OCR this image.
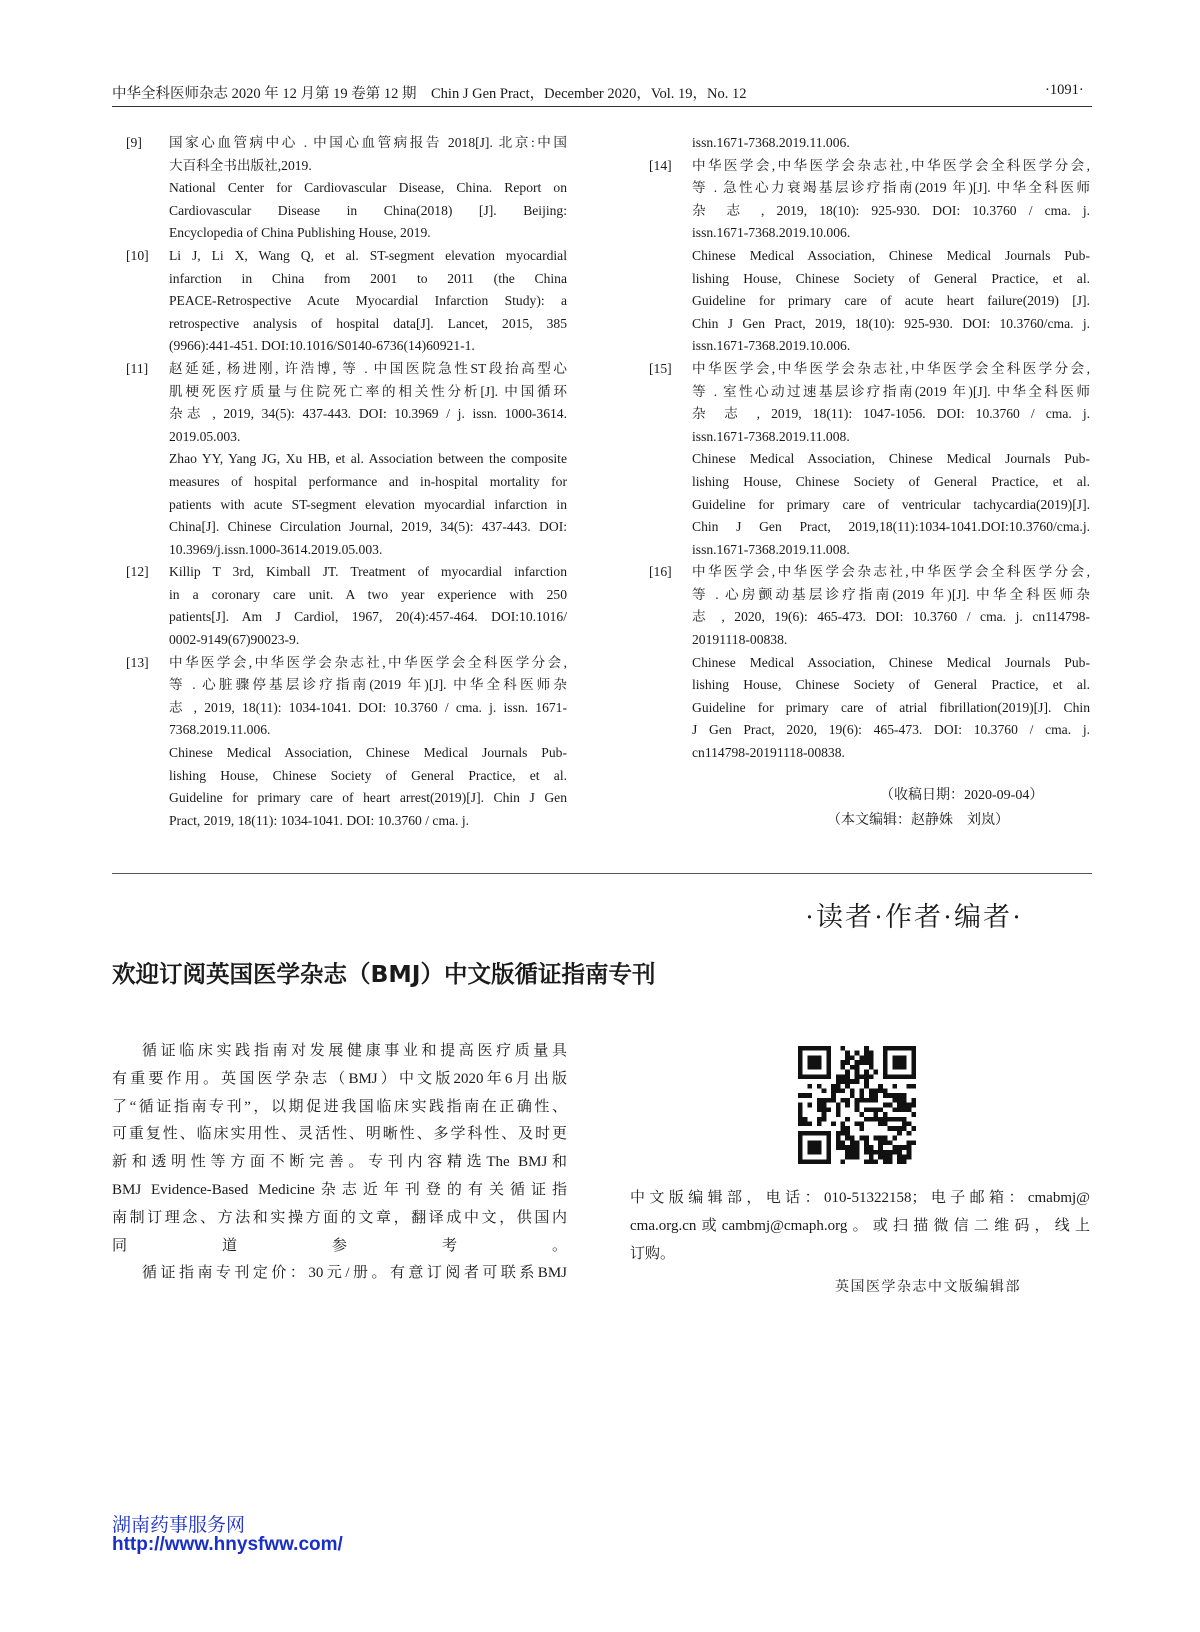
中华全科医师杂志 2020 年 12 月第 19 卷第 12 期　Chin J Gen Pract，December 2020，Vol. 19，No. 12	·1091·
[9] 国家心血管病中心 . 中国心血管病报告 2018[J]. 北京:中国
大百科全书出版社,2019.
National Center for Cardiovascular Disease, China. Report on
Cardiovascular　Disease　in　China(2018)　[J].　Beijing:
Encyclopedia of China Publishing House, 2019.
[10] Li J, Li X, Wang Q, et al. ST-segment elevation myocardial
infarction in China from 2001 to 2011 (the China
PEACE-Retrospective Acute Myocardial Infarction Study): a
retrospective analysis of hospital data[J]. Lancet, 2015, 385
(9966):441-451. DOI:10.1016/S0140-6736(14)60921-1.
[11] 赵延延, 杨进刚, 许浩博, 等 . 中国医院急性ST段抬高型心
肌梗死医疗质量与住院死亡率的相关性分析[J]. 中国循环
杂志 , 2019, 34(5): 437-443. DOI: 10.3969 / j. issn. 1000-3614.
2019.05.003.
Zhao YY, Yang JG, Xu HB, et al. Association between the composite
measures of hospital performance and in-hospital mortality for
patients with acute ST-segment elevation myocardial infarction in
China[J]. Chinese Circulation Journal, 2019, 34(5): 437-443. DOI:
10.3969/j.issn.1000-3614.2019.05.003.
[12] Killip T 3rd, Kimball JT. Treatment of myocardial infarction
in a coronary care unit. A two year experience with 250
patients[J]. Am J Cardiol, 1967, 20(4):457-464. DOI:10.1016/
0002-9149(67)90023-9.
[13] 中华医学会,中华医学会杂志社,中华医学会全科医学分会,
等 . 心脏骤停基层诊疗指南(2019 年)[J]. 中华全科医师杂
志 , 2019, 18(11): 1034-1041. DOI: 10.3760 / cma. j. issn. 1671-
7368.2019.11.006.
Chinese Medical Association, Chinese Medical Journals Pub-
lishing House, Chinese Society of General Practice, et al.
Guideline for primary care of heart arrest(2019)[J]. Chin J Gen
Pract, 2019, 18(11): 1034-1041. DOI: 10.3760 / cma. j.
issn.1671-7368.2019.11.006.
[14] 中华医学会,中华医学会杂志社,中华医学会全科医学分会,
等 . 急性心力衰竭基层诊疗指南(2019 年)[J]. 中华全科医师
杂 志 , 2019, 18(10): 925-930. DOI: 10.3760 / cma. j.
issn.1671-7368.2019.10.006.
Chinese Medical Association, Chinese Medical Journals Pub-
lishing House, Chinese Society of General Practice, et al.
Guideline for primary care of acute heart failure(2019) [J].
Chin J Gen Pract, 2019, 18(10): 925-930. DOI: 10.3760/cma. j.
issn.1671-7368.2019.10.006.
[15] 中华医学会,中华医学会杂志社,中华医学会全科医学分会,
等 . 室性心动过速基层诊疗指南(2019 年)[J]. 中华全科医师
杂 志 , 2019, 18(11): 1047-1056. DOI: 10.3760 / cma. j.
issn.1671-7368.2019.11.008.
Chinese Medical Association, Chinese Medical Journals Pub-
lishing House, Chinese Society of General Practice, et al.
Guideline for primary care of ventricular tachycardia(2019)[J].
Chin J Gen Pract, 2019,18(11):1034-1041.DOI:10.3760/cma.j.
issn.1671-7368.2019.11.008.
[16] 中华医学会,中华医学会杂志社,中华医学会全科医学分会,
等 . 心房颤动基层诊疗指南(2019 年)[J]. 中华全科医师杂
志 , 2020, 19(6): 465-473. DOI: 10.3760 / cma. j. cn114798-
20191118-00838.
Chinese Medical Association, Chinese Medical Journals Pub-
lishing House, Chinese Society of General Practice, et al.
Guideline for primary care of atrial fibrillation(2019)[J]. Chin
J Gen Pract, 2020, 19(6): 465-473. DOI: 10.3760 / cma. j.
cn114798-20191118-00838.
（收稿日期：2020-09-04）
（本文编辑：赵静姝　刘岚）
·读者·作者·编者·
欢迎订阅英国医学杂志（BMJ）中文版循证指南专刊
循证临床实践指南对发展健康事业和提高医疗质量具
有重要作用。英国医学杂志（BMJ）中文版2020年6月出版
了“循证指南专刊”，以期促进我国临床实践指南在正确性、
可重复性、临床实用性、灵活性、明晰性、多学科性、及时更
新和透明性等方面不断完善。专刊内容精选The BMJ和
BMJ Evidence-Based Medicine杂志近年刊登的有关循证指
南制订理念、方法和实操方面的文章，翻译成中文，供国内
同道参考。
循证指南专刊定价：30元/册。有意订阅者可联系BMJ
中文版编辑部，电话：010-51322158；电子邮箱：cmabmj@
cma.org.cn或cambmj@cmaph.org。或扫描微信二维码，线上
订购。
英国医学杂志中文版编辑部
湖南药事服务网
http://www.hnysfww.com/
